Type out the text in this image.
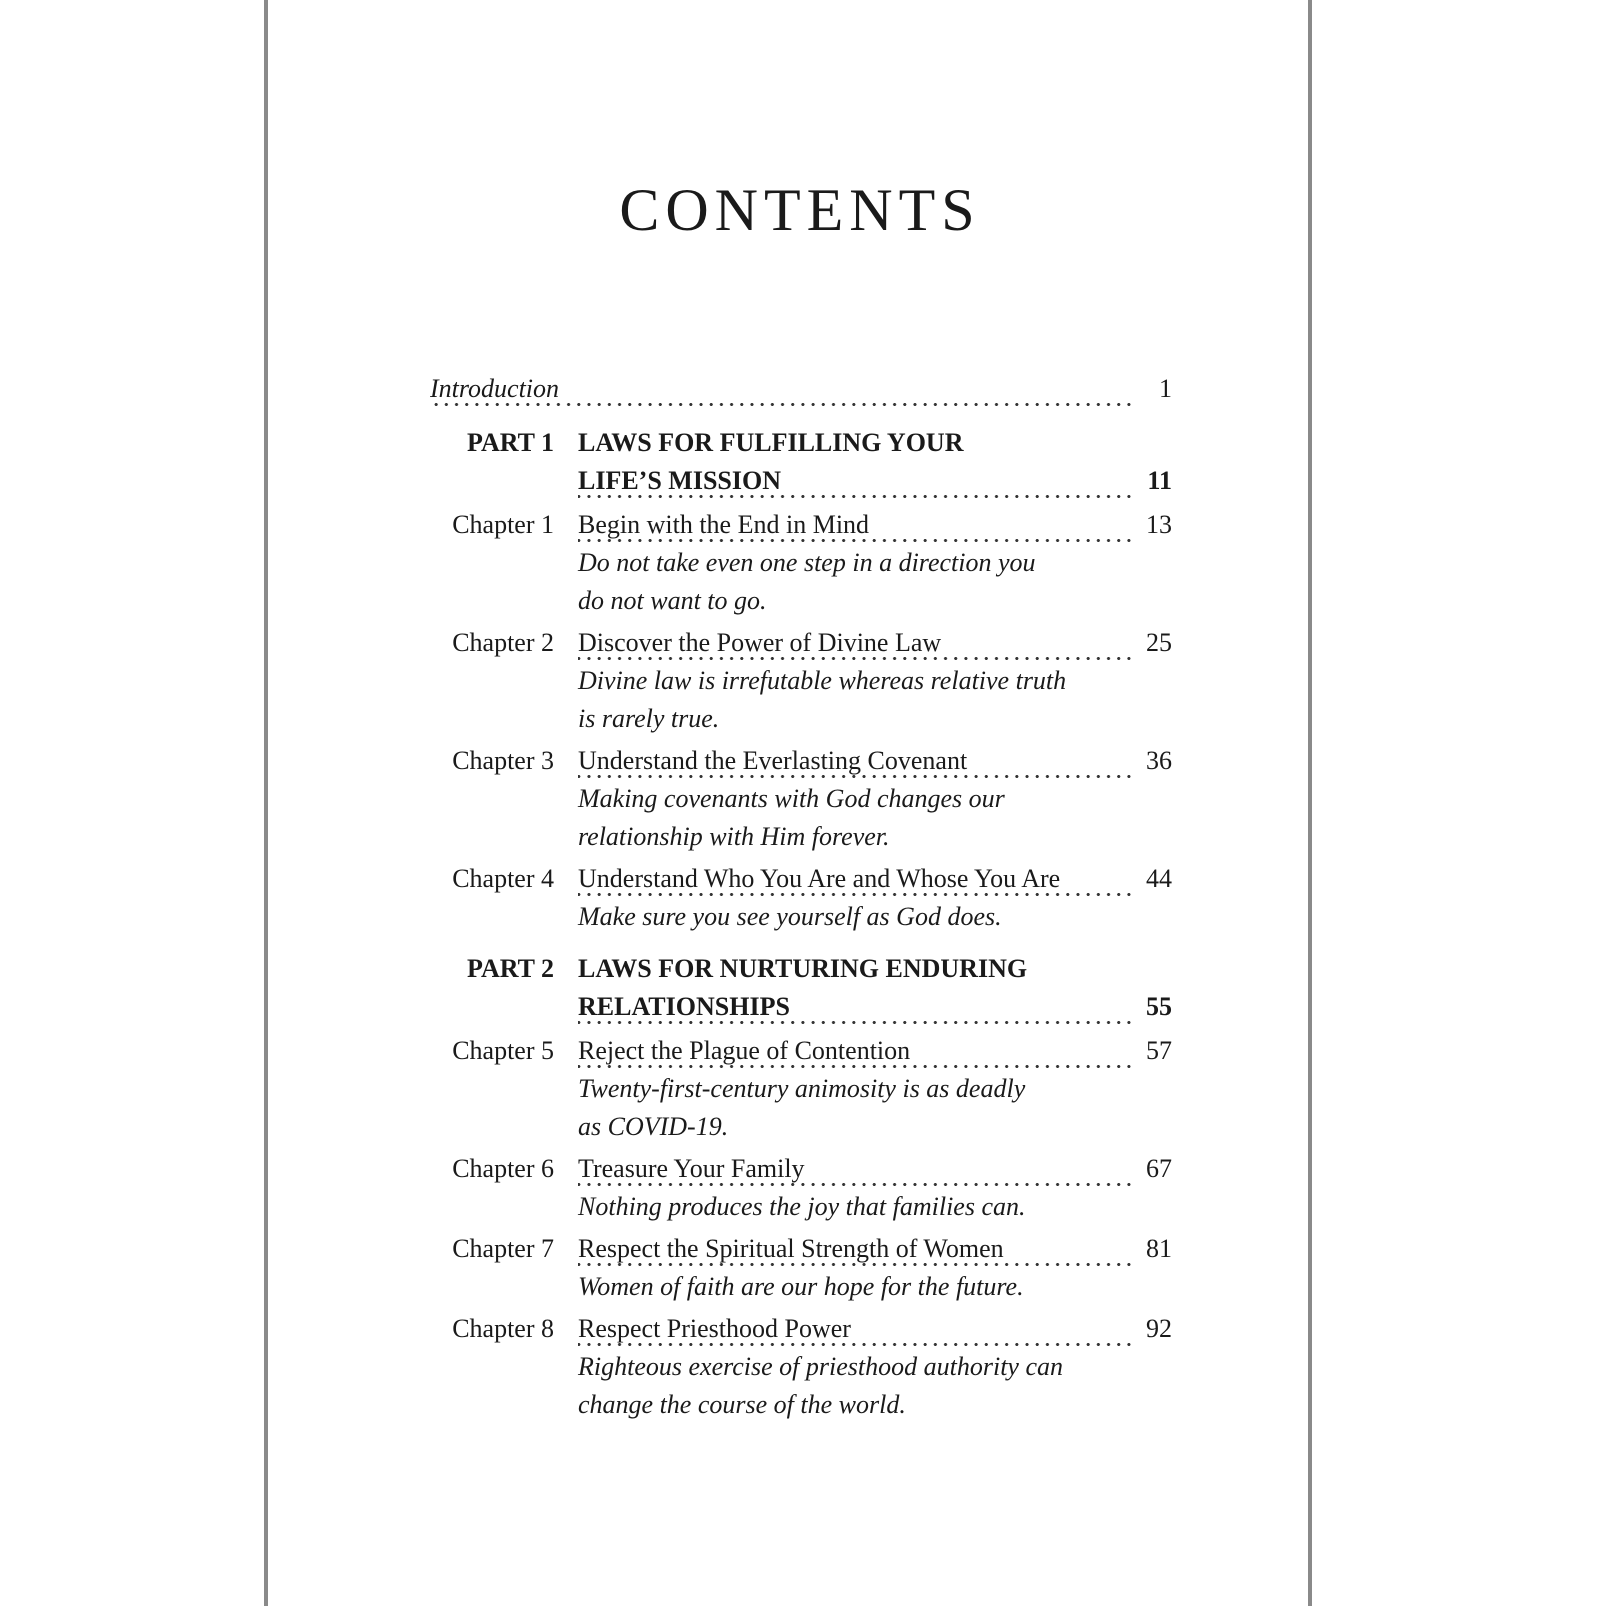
CONTENTS
Introduction	1
PART 1 LAWS FOR FULFILLING YOUR
LIFE’S MISSION	11
Chapter 1 Begin with the End in Mind	13
Do not take even one step in a direction you
do not want to go.
Chapter 2 Discover the Power of Divine Law	25
Divine law is irrefutable whereas relative truth
is rarely true.
Chapter 3 Understand the Everlasting Covenant	36
Making covenants with God changes our
relationship with Him forever.
Chapter 4 Understand Who You Are and Whose You Are	44
Make sure you see yourself as God does.
PART 2 LAWS FOR NURTURING ENDURING
RELATIONSHIPS	55
Chapter 5 Reject the Plague of Contention	57
Twenty-first-century animosity is as deadly
as COVID-19.
Chapter 6 Treasure Your Family	67
Nothing produces the joy that families can.
Chapter 7 Respect the Spiritual Strength of Women	81
Women of faith are our hope for the future.
Chapter 8 Respect Priesthood Power	92
Righteous exercise of priesthood authority can
change the course of the world.
